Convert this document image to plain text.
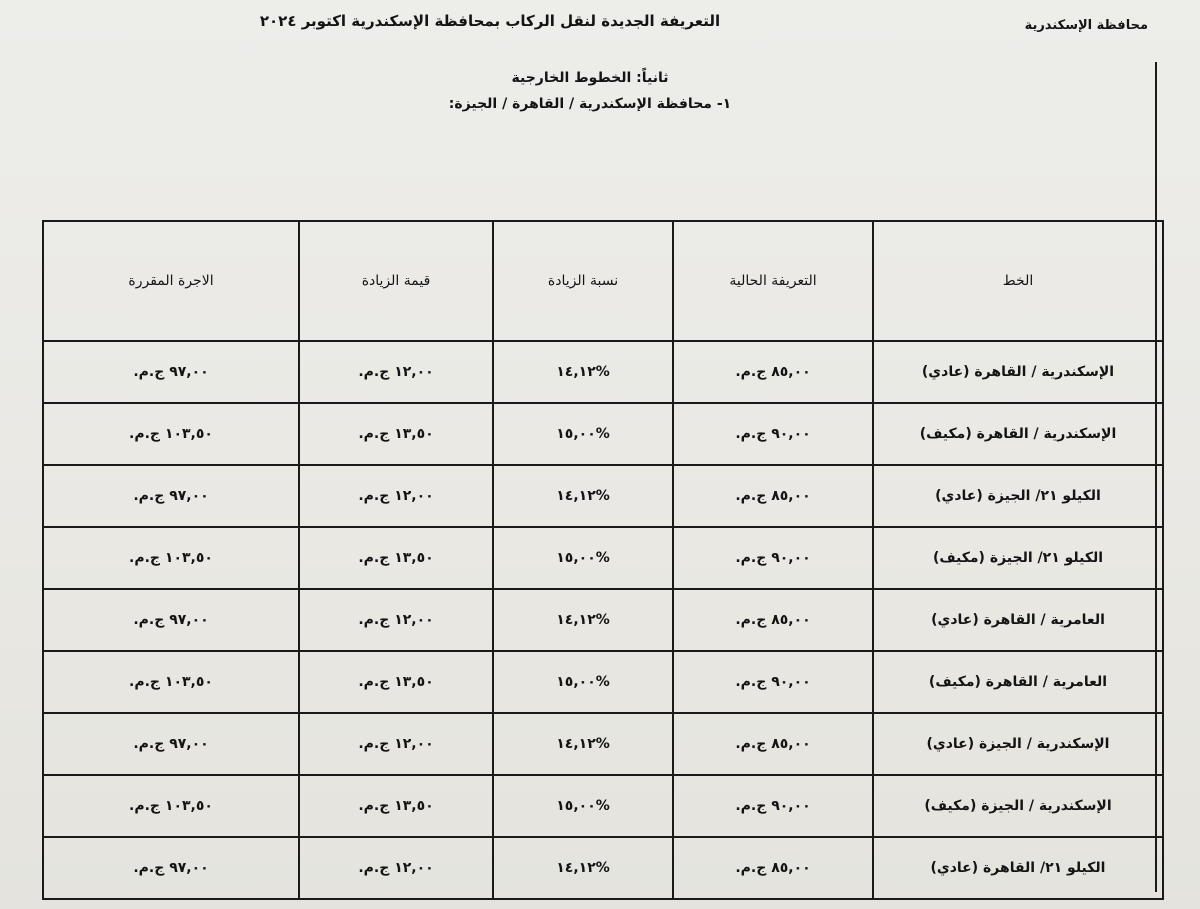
محافظة الإسكندرية
التعريفة الجديدة لنقل الركاب بمحافظة الإسكندرية اكتوبر ٢٠٢٤
ثانياً: الخطوط الخارجية
١- محافظة الإسكندرية / القاهرة / الجيزة:
الخط	التعريفة الحالية	نسبة الزيادة	قيمة الزيادة	الاجرة المقررة
الإسكندرية / القاهرة (عادي)	٨٥,٠٠ ج.م.	%١٤,١٢	١٢,٠٠ ج.م.	٩٧,٠٠ ج.م.
الإسكندرية / القاهرة (مكيف)	٩٠,٠٠ ج.م.	%١٥,٠٠	١٣,٥٠ ج.م.	١٠٣,٥٠ ج.م.
الكيلو ٢١/ الجيزة (عادي)	٨٥,٠٠ ج.م.	%١٤,١٢	١٢,٠٠ ج.م.	٩٧,٠٠ ج.م.
الكيلو ٢١/ الجيزة (مكيف)	٩٠,٠٠ ج.م.	%١٥,٠٠	١٣,٥٠ ج.م.	١٠٣,٥٠ ج.م.
العامرية / القاهرة (عادي)	٨٥,٠٠ ج.م.	%١٤,١٢	١٢,٠٠ ج.م.	٩٧,٠٠ ج.م.
العامرية / القاهرة (مكيف)	٩٠,٠٠ ج.م.	%١٥,٠٠	١٣,٥٠ ج.م.	١٠٣,٥٠ ج.م.
الإسكندرية / الجيزة (عادي)	٨٥,٠٠ ج.م.	%١٤,١٢	١٢,٠٠ ج.م.	٩٧,٠٠ ج.م.
الإسكندرية / الجيزة (مكيف)	٩٠,٠٠ ج.م.	%١٥,٠٠	١٣,٥٠ ج.م.	١٠٣,٥٠ ج.م.
الكيلو ٢١/ القاهرة (عادي)	٨٥,٠٠ ج.م.	%١٤,١٢	١٢,٠٠ ج.م.	٩٧,٠٠ ج.م.
